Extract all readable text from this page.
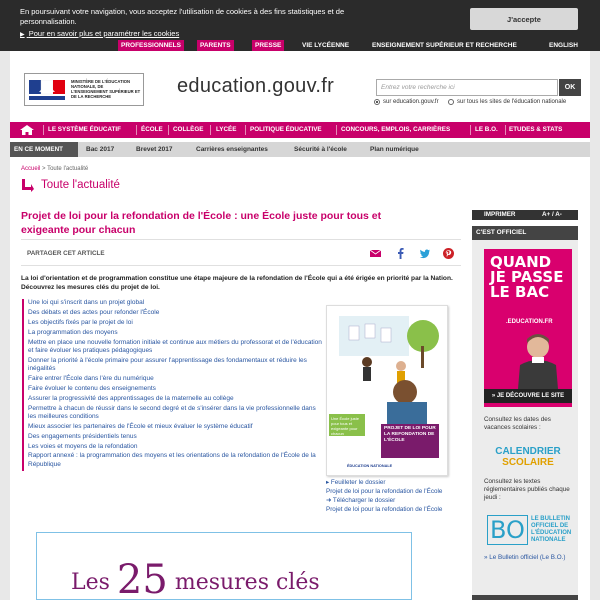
En poursuivant votre navigation, vous acceptez l'utilisation de cookies à des fins statistiques et de personnalisation.
▶ Pour en savoir plus et paramétrer les cookies
J'accepte
PROFESSIONNELS	PARENTS	PRESSE	VIE LYCÉENNE	ENSEIGNEMENT SUPÉRIEUR ET RECHERCHE	ENGLISH
MINISTÈRE DE L'ÉDUCATION NATIONALE, DE L'ENSEIGNEMENT SUPÉRIEUR ET DE LA RECHERCHE	education.gouv.fr	Entrez votre recherche ici	OK
sur education.gouv.fr	sur tous les sites de l'éducation nationale
LE SYSTÈME ÉDUCATIF	ÉCOLE COLLÈGE LYCÉE POLITIQUE ÉDUCATIVE	CONCOURS, EMPLOIS, CARRIÈRES	LE B.O. ETUDES & STATS
EN CE MOMENT	Bac 2017	Brevet 2017	Carrières enseignantes	Sécurité à l'école	Plan numérique
Accueil > Toute l'actualité
Toute l'actualité
Projet de loi pour la refondation de l'École : une École juste pour tous et exigeante pour chacun
PARTAGER CET ARTICLE
La loi d'orientation et de programmation constitue une étape majeure de la refondation de l'École qui a été érigée en priorité par la Nation. Découvrez les mesures clés du projet de loi.
Une loi qui s'inscrit dans un projet global
Des débats et des actes pour refonder l'École
Les objectifs fixés par le projet de loi
La programmation des moyens
Mettre en place une nouvelle formation initiale et continue aux métiers du professorat et de l'éducation et faire évoluer les pratiques pédagogiques
Donner la priorité à l'école primaire pour assurer l'apprentissage des fondamentaux et réduire les inégalités
Faire entrer l'École dans l'ère du numérique
Faire évoluer le contenu des enseignements
Assurer la progressivité des apprentissages de la maternelle au collège
Permettre à chacun de réussir dans le second degré et de s'insérer dans la vie professionnelle dans les meilleures conditions
Mieux associer les partenaires de l'École et mieux évaluer le système éducatif
Des engagements présidentiels tenus
Les voies et moyens de la refondation
Rapport annexé : la programmation des moyens et les orientations de la refondation de l'École de la République
Une École juste pour tous et exigeante pour chacun
PROJET DE LOI POUR LA REFONDATION DE L'ÉCOLE
ÉDUCATION NATIONALE
▸ Feuilleter le dossier
Projet de loi pour la refondation de l'École
➜ Télécharger le dossier
Projet de loi pour la refondation de l'École
Les 25 mesures clés
IMPRIMER	A+ / A-
C'EST OFFICIEL
QUAND
JE PASSE
LE BAC
.EDUCATION.FR
» JE DÉCOUVRE LE SITE
Consultez les dates des vacances scolaires :
CALENDRIER
SCOLAIRE
Consultez les textes réglementaires publiés chaque jeudi :
BO	LE BULLETIN OFFICIEL DE L'ÉDUCATION NATIONALE
» Le Bulletin officiel (Le B.O.)
